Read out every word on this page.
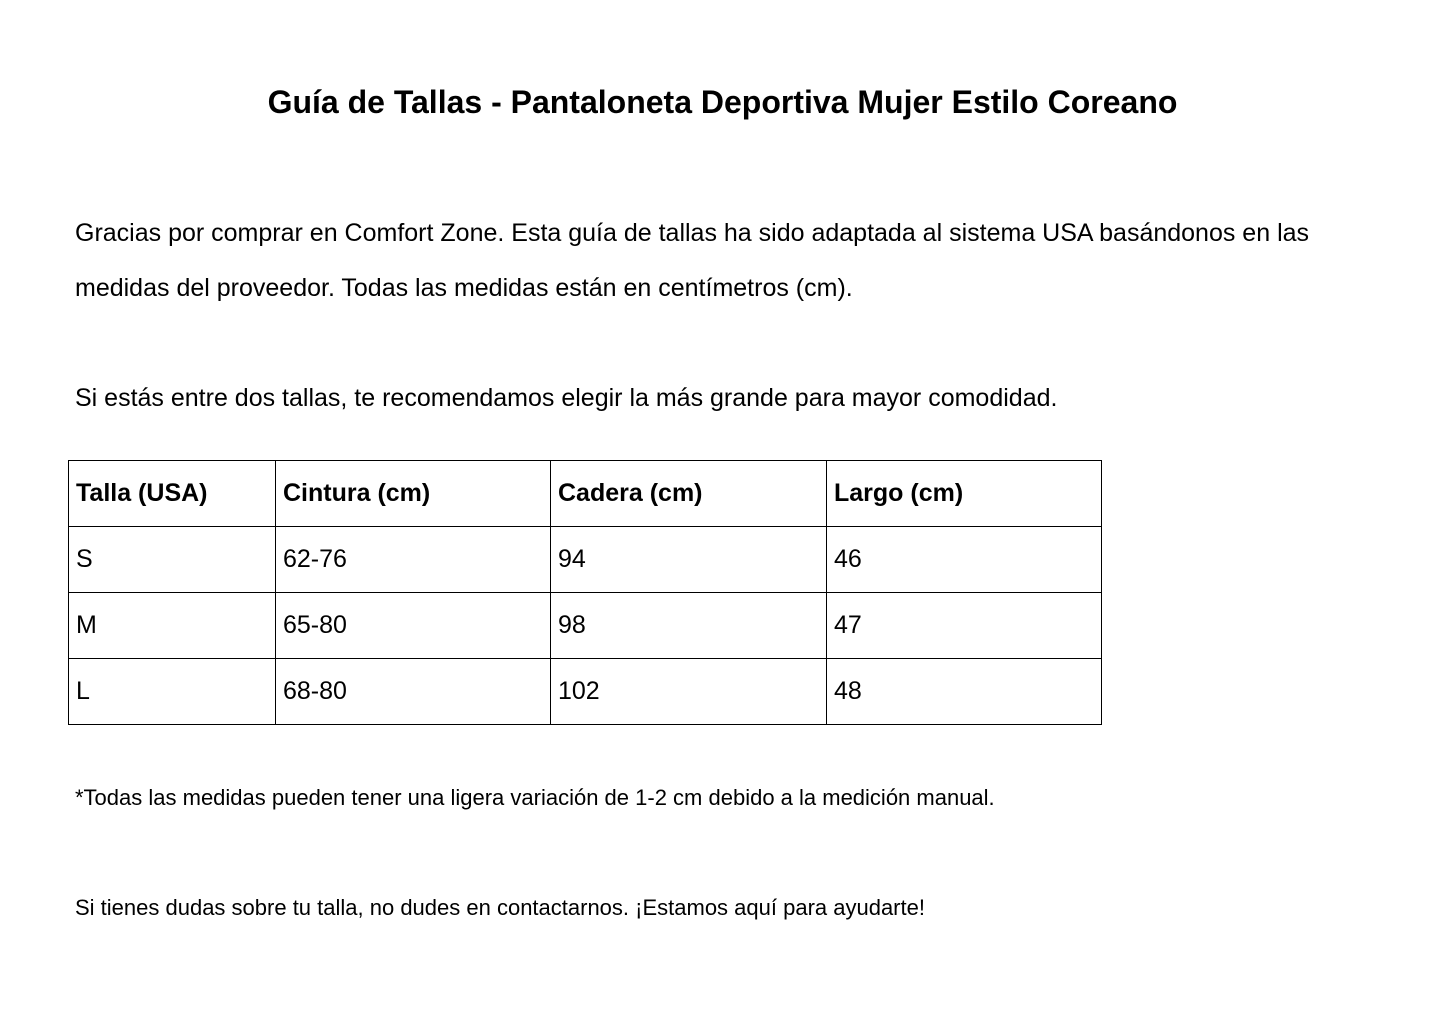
Guía de Tallas - Pantaloneta Deportiva Mujer Estilo Coreano

Gracias por comprar en Comfort Zone. Esta guía de tallas ha sido adaptada al sistema USA basándonos en las medidas del proveedor. Todas las medidas están en centímetros (cm).

Si estás entre dos tallas, te recomendamos elegir la más grande para mayor comodidad.

Talla (USA)	Cintura (cm)	Cadera (cm)	Largo (cm)
S	62-76	94	46
M	65-80	98	47
L	68-80	102	48

*Todas las medidas pueden tener una ligera variación de 1-2 cm debido a la medición manual.

Si tienes dudas sobre tu talla, no dudes en contactarnos. ¡Estamos aquí para ayudarte!
